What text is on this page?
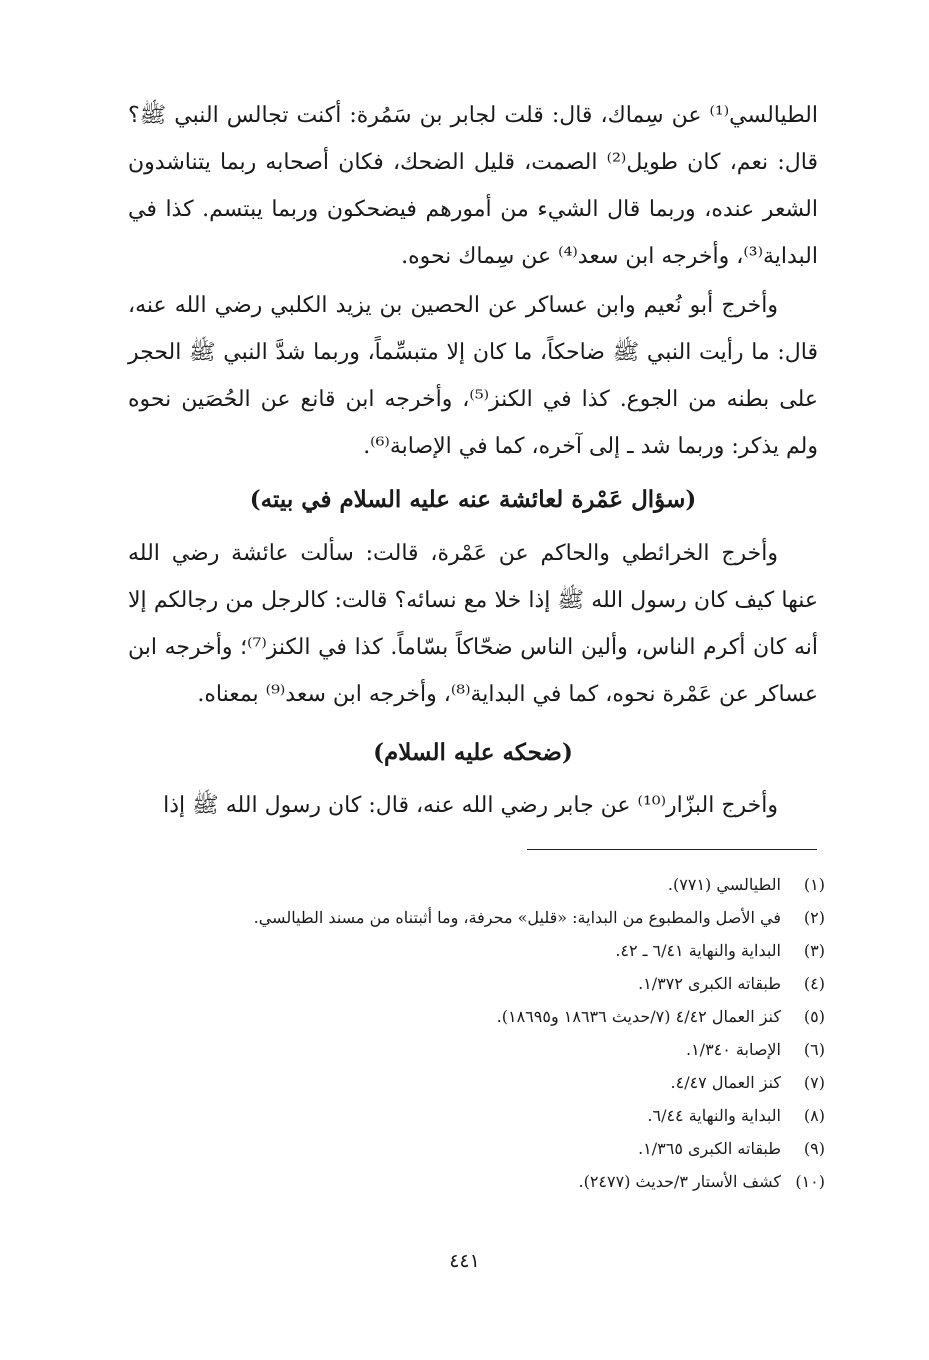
الطيالسي⁽¹⁾ عن سِماك، قال: قلت لجابر بن سَمُرة: أكنت تجالس النبي ﷺ؟ قال: نعم، كان طويل⁽²⁾ الصمت، قليل الضحك، فكان أصحابه ربما يتناشدون الشعر عنده، وربما قال الشيء من أمورهم فيضحكون وربما يبتسم. كذا في البداية⁽³⁾، وأخرجه ابن سعد⁽⁴⁾ عن سِماك نحوه.

وأخرج أبو نُعيم وابن عساكر عن الحصين بن يزيد الكلبي رضي الله عنه، قال: ما رأيت النبي ﷺ ضاحكاً، ما كان إلا متبسِّماً، وربما شدَّ النبي ﷺ الحجر على بطنه من الجوع. كذا في الكنز⁽⁵⁾، وأخرجه ابن قانع عن الحُصَين نحوه ولم يذكر: وربما شد ـ إلى آخره، كما في الإصابة⁽⁶⁾.

(سؤال عَمْرة لعائشة عنه عليه السلام في بيته)

وأخرج الخرائطي والحاكم عن عَمْرة، قالت: سألت عائشة رضي الله عنها كيف كان رسول الله ﷺ إذا خلا مع نسائه؟ قالت: كالرجل من رجالكم إلا أنه كان أكرم الناس، وألين الناس ضحّاكاً بسّاماً. كذا في الكنز⁽⁷⁾؛ وأخرجه ابن عساكر عن عَمْرة نحوه، كما في البداية⁽⁸⁾، وأخرجه ابن سعد⁽⁹⁾ بمعناه.

(ضحكه عليه السلام)

وأخرج البزّار⁽¹⁰⁾ عن جابر رضي الله عنه، قال: كان رسول الله ﷺ إذا

(١)
الطيالسي (٧٧١).
(٢)
في الأصل والمطبوع من البداية: «قليل» محرفة، وما أثبتناه من مسند الطيالسي.
(٣)
البداية والنهاية ٦/٤١ ـ ٤٢.
(٤)
طبقاته الكبرى ١/٣٧٢.
(٥)
كنز العمال ٤/٤٢ (٧/حديث ١٨٦٣٦ و١٨٦٩٥).
(٦)
الإصابة ١/٣٤٠.
(٧)
كنز العمال ٤/٤٧.
(٨)
البداية والنهاية ٦/٤٤.
(٩)
طبقاته الكبرى ١/٣٦٥.
(١٠)
كشف الأستار ٣/حديث (٢٤٧٧).
٤٤١
